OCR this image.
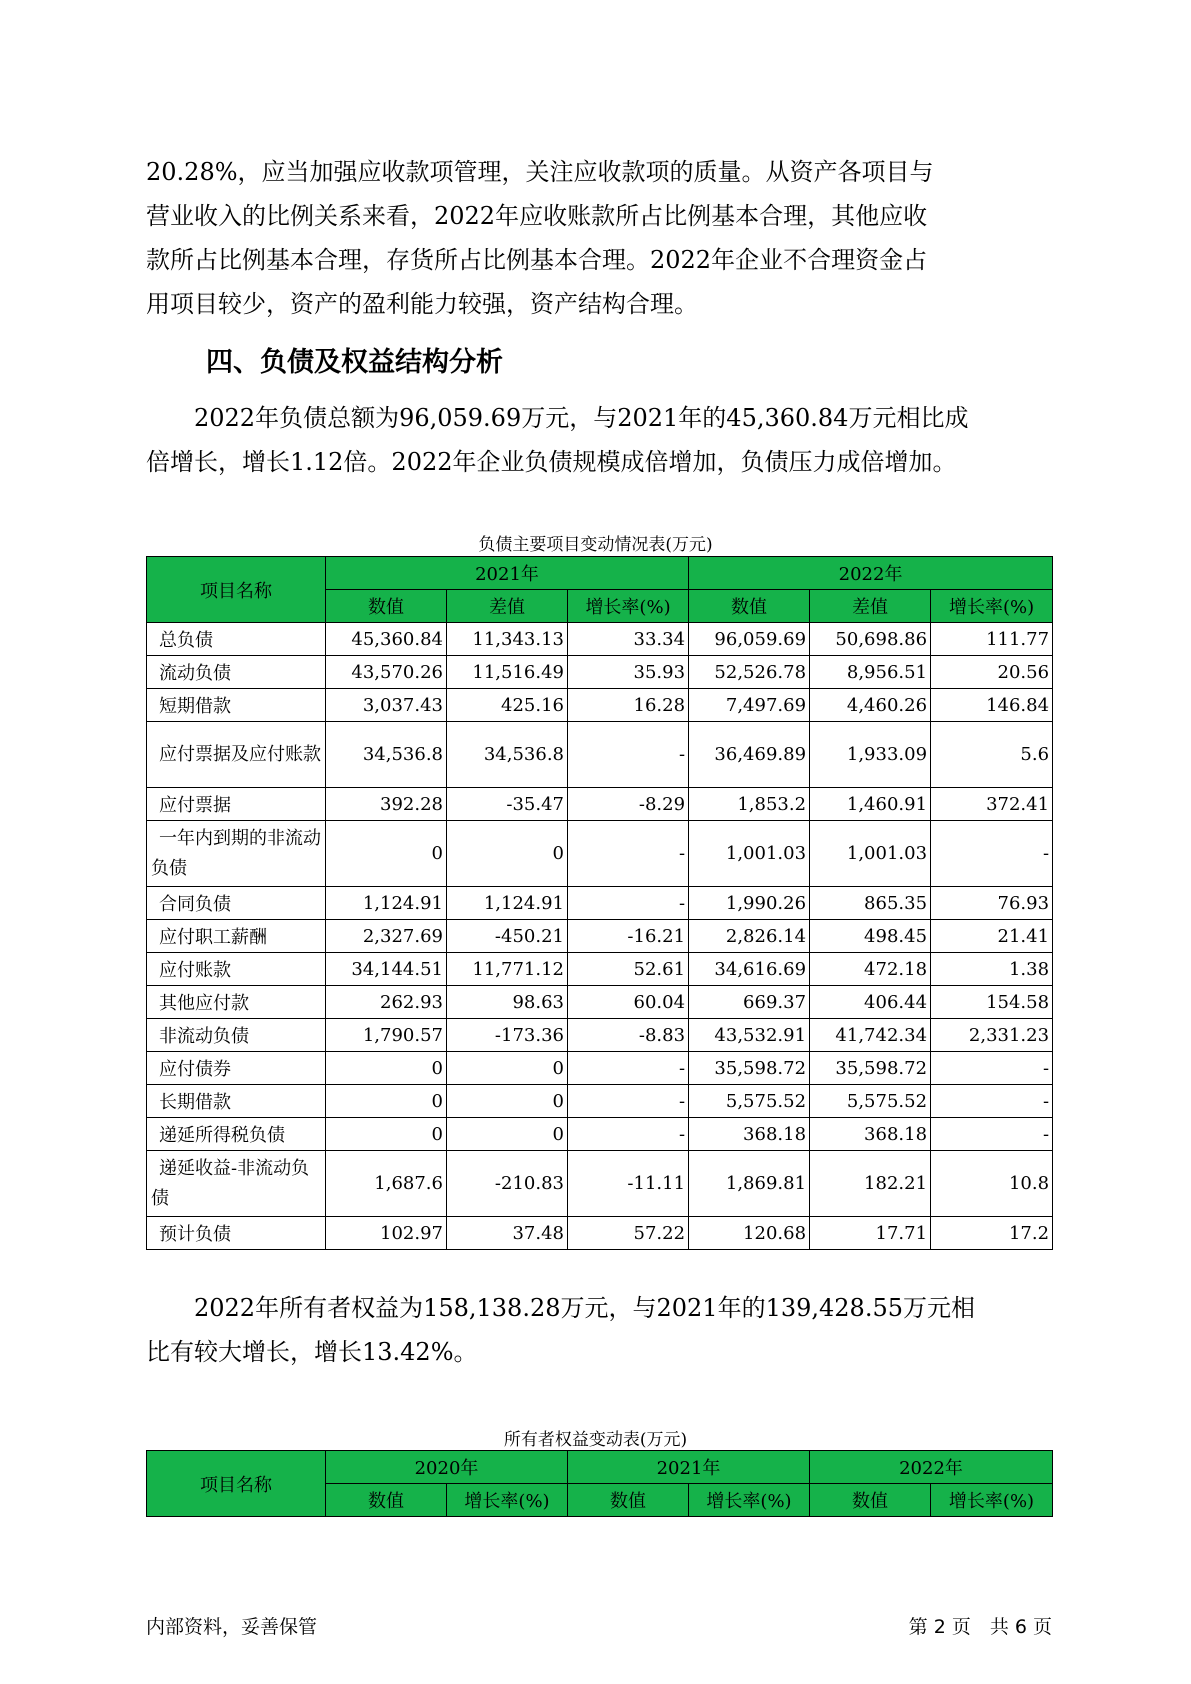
20.28%，应当加强应收款项管理，关注应收款项的质量。从资产各项目与
营业收入的比例关系来看，2022年应收账款所占比例基本合理，其他应收
款所占比例基本合理，存货所占比例基本合理。2022年企业不合理资金占
用项目较少，资产的盈利能力较强，资产结构合理。
四、负债及权益结构分析
　　2022年负债总额为96,059.69万元，与2021年的45,360.84万元相比成
倍增长，增长1.12倍。2022年企业负债规模成倍增加，负债压力成倍增加。
负债主要项目变动情况表(万元)
项目名称	2021年			2022年		
	数值	差值	增长率(%)	数值	差值	增长率(%)
总负债	45,360.84	11,343.13	33.34	96,059.69	50,698.86	111.77
流动负债	43,570.26	11,516.49	35.93	52,526.78	8,956.51	20.56
短期借款	3,037.43	425.16	16.28	7,497.69	4,460.26	146.84
应付票据及应付账款	34,536.8	34,536.8	-	36,469.89	1,933.09	5.6
应付票据	392.28	-35.47	-8.29	1,853.2	1,460.91	372.41
一年内到期的非流动负债	0	0	-	1,001.03	1,001.03	-
合同负债	1,124.91	1,124.91	-	1,990.26	865.35	76.93
应付职工薪酬	2,327.69	-450.21	-16.21	2,826.14	498.45	21.41
应付账款	34,144.51	11,771.12	52.61	34,616.69	472.18	1.38
其他应付款	262.93	98.63	60.04	669.37	406.44	154.58
非流动负债	1,790.57	-173.36	-8.83	43,532.91	41,742.34	2,331.23
应付债券	0	0	-	35,598.72	35,598.72	-
长期借款	0	0	-	5,575.52	5,575.52	-
递延所得税负债	0	0	-	368.18	368.18	-
递延收益-非流动负债	1,687.6	-210.83	-11.11	1,869.81	182.21	10.8
预计负债	102.97	37.48	57.22	120.68	17.71	17.2
　　2022年所有者权益为158,138.28万元，与2021年的139,428.55万元相
比有较大增长，增长13.42%。
所有者权益变动表(万元)
项目名称	2020年		2021年		2022年	
	数值	增长率(%)	数值	增长率(%)	数值	增长率(%)
内部资料，妥善保管	第 2 页　共 6 页
